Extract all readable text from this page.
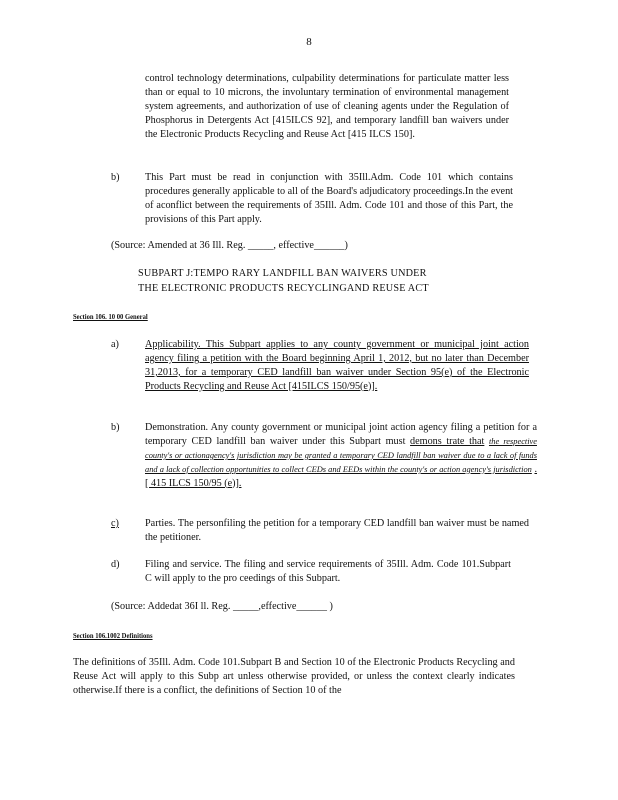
8
control technology determinations, culpability determinations for particulate matter less than or equal to 10 microns, the involuntary termination of environmental management system agreements, and authorization of use of cleaning agents under the Regulation of Phosphorus in Detergents Act [415ILCS 92], and temporary landfill ban waivers under the Electronic Products Recycling and Reuse Act [415 ILCS 150].
b)	This Part must be read in conjunction with 35Ill.Adm. Code 101 which contains procedures generally applicable to all of the Board's adjudicatory proceedings.In the event of aconflict between the requirements of 35Ill. Adm. Code 101 and those of this Part, the provisions of this Part apply.
(Source: Amended at 36 Ill. Reg. _____, effective______)
SUBPART J:TEMPO RARY LANDFILL BAN WAIVERS UNDER
THE ELECTRONIC PRODUCTS RECYCLINGAND REUSE ACT
Section 106. 10 00 General
a)	Applicability. This Subpart applies to any county government or municipal joint action agency filing a petition with the Board beginning April 1, 2012, but no later than December 31,2013, for a temporary CED landfill ban waiver under Section 95(e) of the Electronic Products Recycling and Reuse Act [415ILCS 150/95(e)].
b)	Demonstration. Any county government or municipal joint action agency filing a petition for a temporary CED landfill ban waiver under this Subpart must demons trate that the respective county's or actionagency's jurisdiction may be granted a temporary CED landfill ban waiver due to a lack of funds and a lack of collection opportunities to collect CEDs and EEDs within the county's or action agency's jurisdiction .[ 415 ILCS 150/95 (e)].
c)	Parties. The personfiling the petition for a temporary CED landfill ban waiver must be named the petitioner.
d)	Filing and service. The filing and service requirements of 35Ill. Adm. Code 101.Subpart C will apply to the pro ceedings of this Subpart.
(Source: Addedat 36I ll. Reg. _____,effective______ )
Section 106.1002 Definitions
The definitions of 35Ill. Adm. Code 101.Subpart B and Section 10 of the Electronic Products Recycling and Reuse Act will apply to this Subp art unless otherwise provided, or unless the context clearly indicates otherwise.If there is a conflict, the definitions of Section 10 of the
